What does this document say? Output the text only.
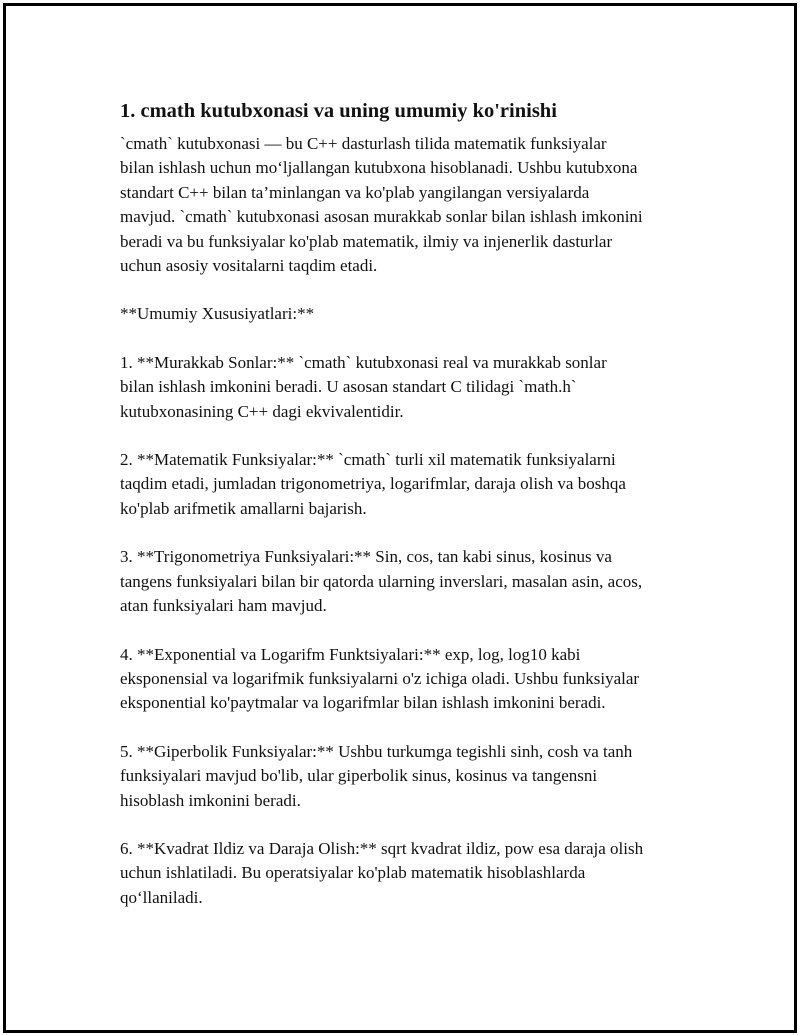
1. cmath kutubxonasi va uning umumiy ko'rinishi
`cmath` kutubxonasi — bu C++ dasturlash tilida matematik funksiyalar
bilan ishlash uchun mo‘ljallangan kutubxona hisoblanadi. Ushbu kutubxona
standart C++ bilan ta’minlangan va ko'plab yangilangan versiyalarda
mavjud. `cmath` kutubxonasi asosan murakkab sonlar bilan ishlash imkonini
beradi va bu funksiyalar ko'plab matematik, ilmiy va injenerlik dasturlar
uchun asosiy vositalarni taqdim etadi.
**Umumiy Xususiyatlari:**
1. **Murakkab Sonlar:** `cmath` kutubxonasi real va murakkab sonlar
bilan ishlash imkonini beradi. U asosan standart C tilidagi `math.h`
kutubxonasining C++ dagi ekvivalentidir.
2. **Matematik Funksiyalar:** `cmath` turli xil matematik funksiyalarni
taqdim etadi, jumladan trigonometriya, logarifmlar, daraja olish va boshqa
ko'plab arifmetik amallarni bajarish.
3. **Trigonometriya Funksiyalari:** Sin, cos, tan kabi sinus, kosinus va
tangens funksiyalari bilan bir qatorda ularning inverslari, masalan asin, acos,
atan funksiyalari ham mavjud.
4. **Exponential va Logarifm Funktsiyalari:** exp, log, log10 kabi
eksponensial va logarifmik funksiyalarni o'z ichiga oladi. Ushbu funksiyalar
eksponential ko'paytmalar va logarifmlar bilan ishlash imkonini beradi.
5. **Giperbolik Funksiyalar:** Ushbu turkumga tegishli sinh, cosh va tanh
funksiyalari mavjud bo'lib, ular giperbolik sinus, kosinus va tangensni
hisoblash imkonini beradi.
6. **Kvadrat Ildiz va Daraja Olish:** sqrt kvadrat ildiz, pow esa daraja olish
uchun ishlatiladi. Bu operatsiyalar ko'plab matematik hisoblashlarda
qo‘llaniladi.
